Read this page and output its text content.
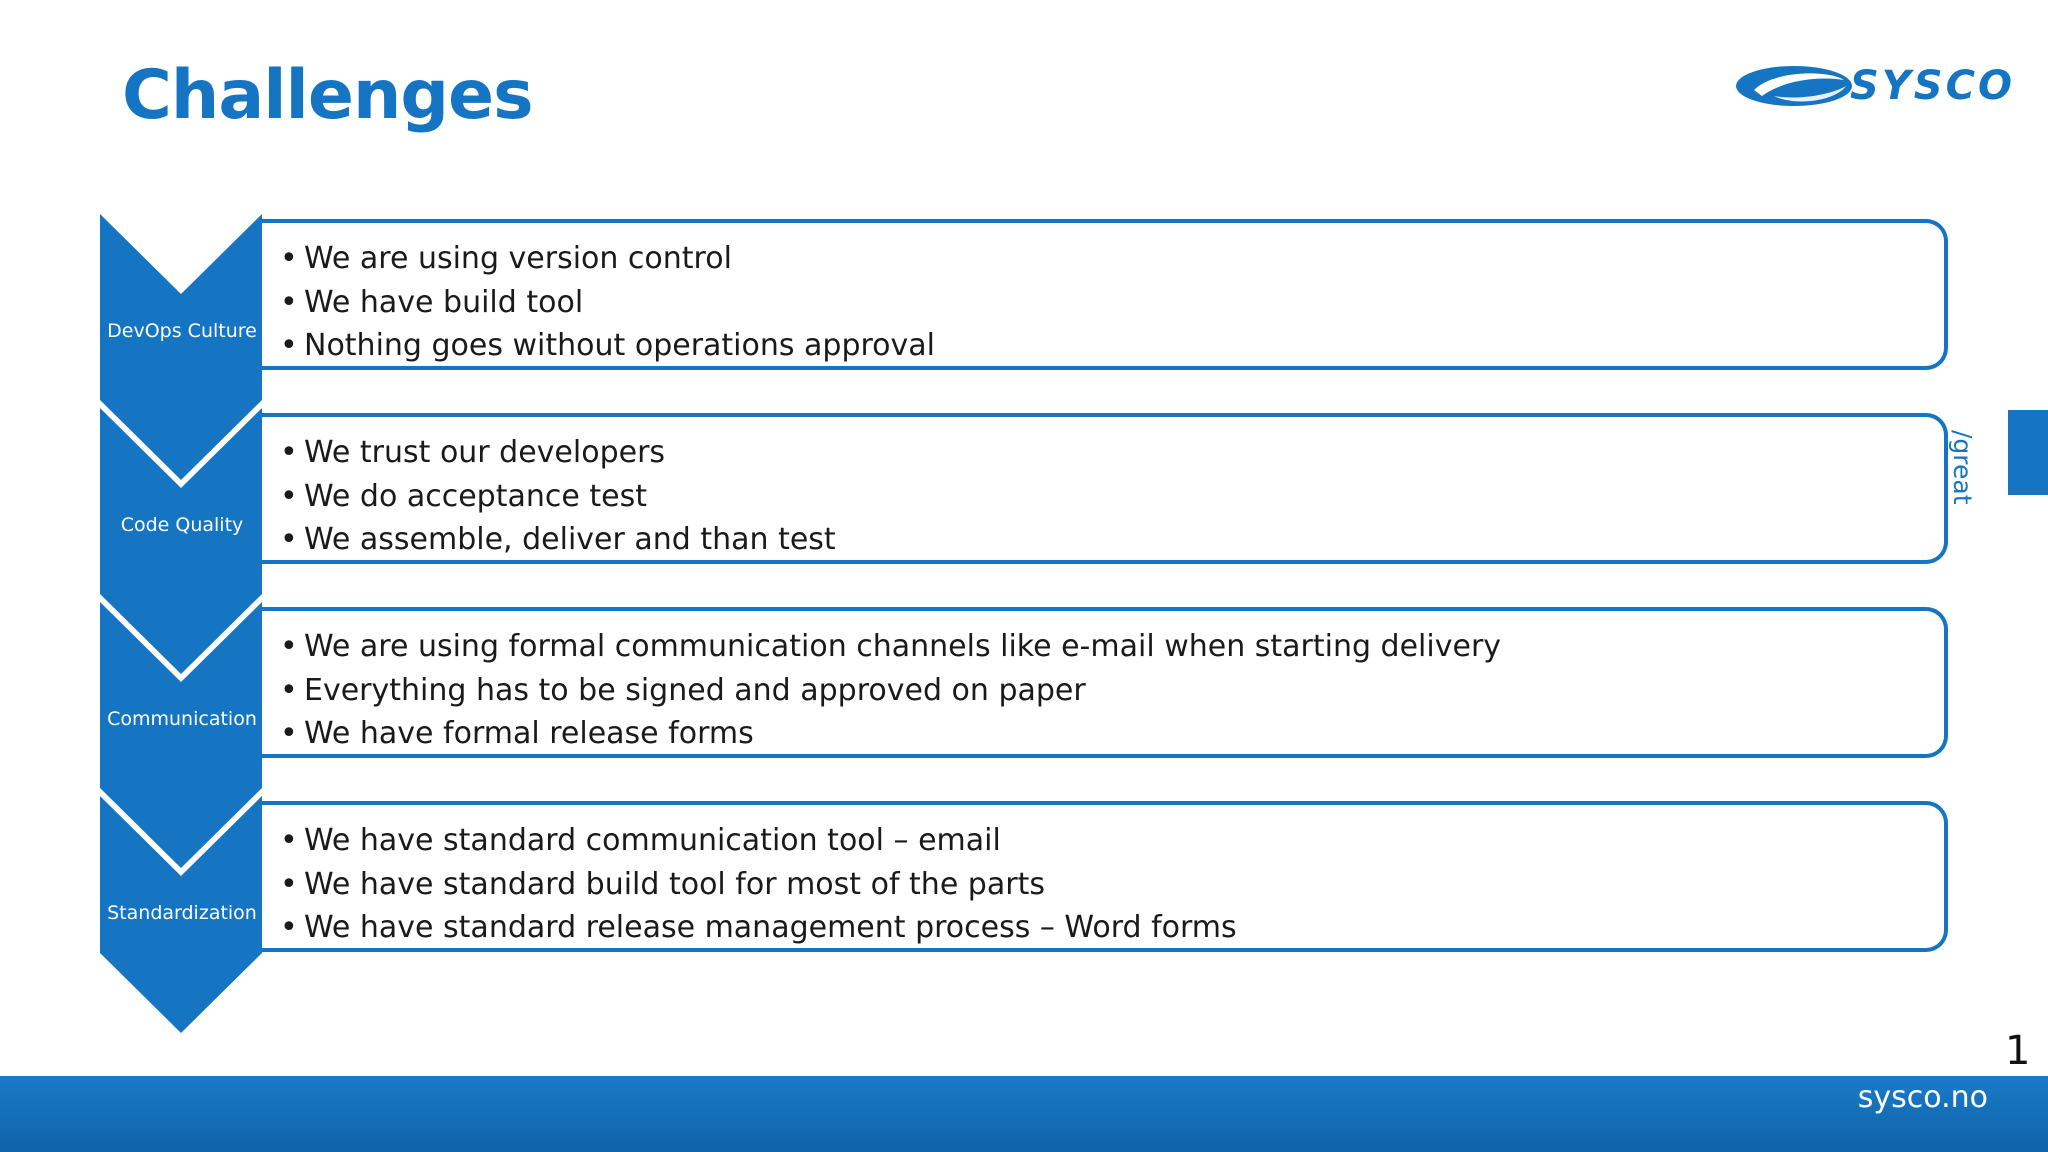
Challenges	SYSCO
DevOps Culture
Code Quality
Communication
Standardization
• We are using version control
• We have build tool
• Nothing goes without operations approval
• We trust our developers
• We do acceptance test
• We assemble, deliver and than test
• We are using formal communication channels like e-mail when starting delivery
• Everything has to be signed and approved on paper
• We have formal release forms
• We have standard communication tool – email
• We have standard build tool for most of the parts
• We have standard release management process – Word forms
/great stories
1
sysco.no
